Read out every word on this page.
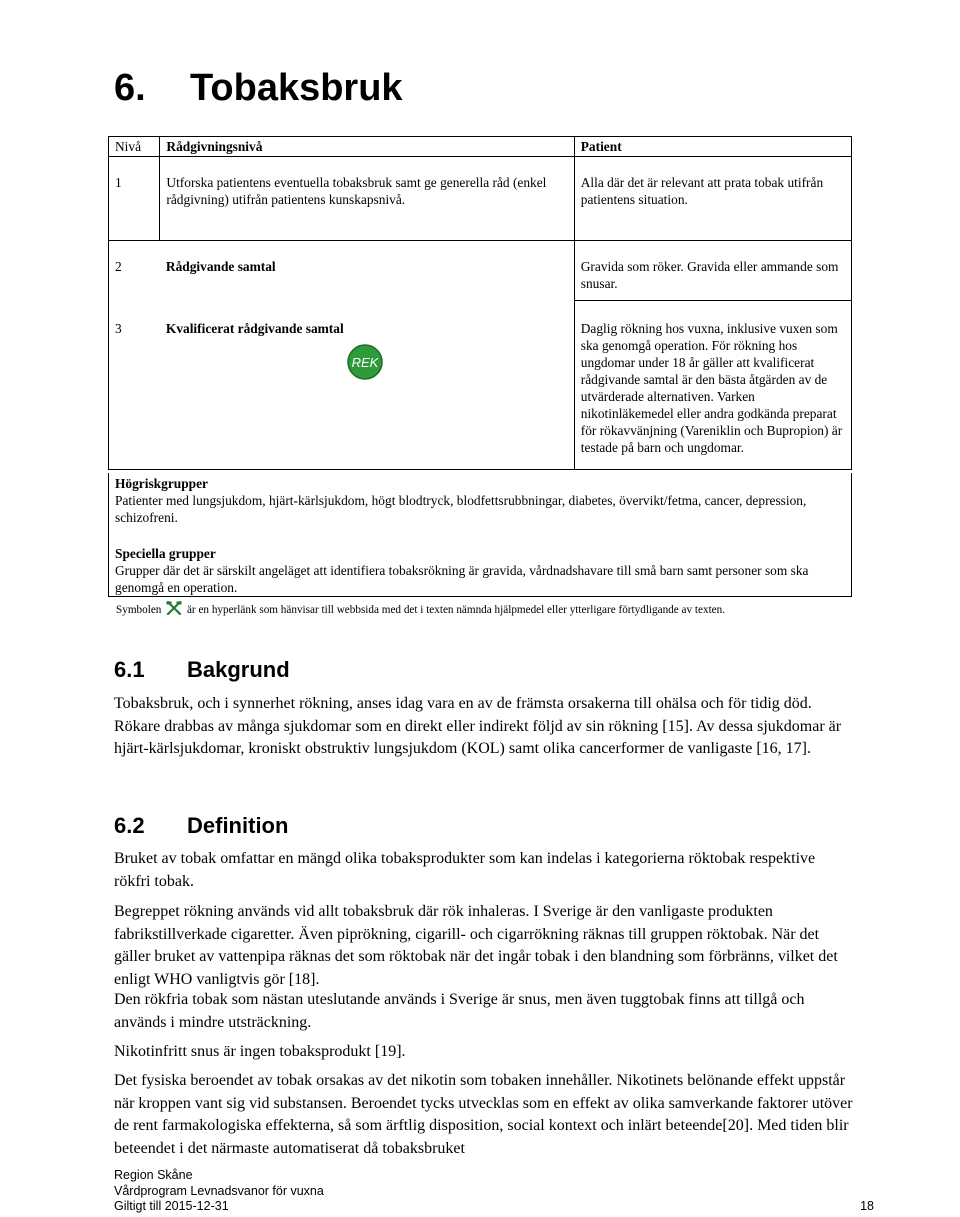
6. Tobaksbruk
Nivå	Rådgivningsnivå	Patient
1	Utforska patientens eventuella tobaksbruk samt ge generella råd (enkel rådgivning) utifrån patientens kunskapsnivå.	Alla där det är relevant att prata tobak utifrån patientens situation.
2	Rådgivande samtal	Gravida som röker. Gravida eller ammande som snusar.
3	Kvalificerat rådgivande samtal	Daglig rökning hos vuxna, inklusive vuxen som ska genomgå operation. För rökning hos ungdomar under 18 år gäller att kvalificerat rådgivande samtal är den bästa åtgärden av de utvärderade alternativen. Varken nikotinläkemedel eller andra godkända preparat för rökavvänjning (Vareniklin och Bupropion) är testade på barn och ungdomar.
REK

Högriskgrupper

Patienter med lungsjukdom, hjärt-kärlsjukdom, högt blodtryck, blodfettsrubbningar, diabetes, övervikt/fetma, cancer, depression, schizofreni.

Speciella grupper

Grupper där det är särskilt angeläget att identifiera tobaksrökning är gravida, vårdnadshavare till små barn samt personer som ska genomgå en operation.

Symbolen är en hyperlänk som hänvisar till webbsida med det i texten nämnda hjälpmedel eller ytterligare förtydligande av texten.
6.1 Bakgrund

Tobaksbruk, och i synnerhet rökning, anses idag vara en av de främsta orsakerna till ohälsa och för tidig död. Rökare drabbas av många sjukdomar som en direkt eller indirekt följd av sin rökning [15]. Av dessa sjukdomar är hjärt-kärlsjukdomar, kroniskt obstruktiv lungsjukdom (KOL) samt olika cancerformer de vanligaste [16, 17].

6.2 Definition

Bruket av tobak omfattar en mängd olika tobaksprodukter som kan indelas i kategorierna röktobak respektive rökfri tobak.

Begreppet rökning används vid allt tobaksbruk där rök inhaleras. I Sverige är den vanligaste produkten fabrikstillverkade cigaretter. Även piprökning, cigarill- och cigarrökning räknas till gruppen röktobak. När det gäller bruket av vattenpipa räknas det som röktobak när det ingår tobak i den blandning som förbränns, vilket det enligt WHO vanligtvis gör [18].

Den rökfria tobak som nästan uteslutande används i Sverige är snus, men även tuggtobak finns att tillgå och används i mindre utsträckning.

Nikotinfritt snus är ingen tobaksprodukt [19].

Det fysiska beroendet av tobak orsakas av det nikotin som tobaken innehåller. Nikotinets belönande effekt uppstår när kroppen vant sig vid substansen. Beroendet tycks utvecklas som en effekt av olika samverkande faktorer utöver de rent farmakologiska effekterna, så som ärftlig disposition, social kontext och inlärt beteende[20]. Med tiden blir beteendet i det närmaste automatiserat då tobaksbruket

Region Skåne
Vårdprogram Levnadsvanor för vuxna
Giltigt till 2015-12-31	18
